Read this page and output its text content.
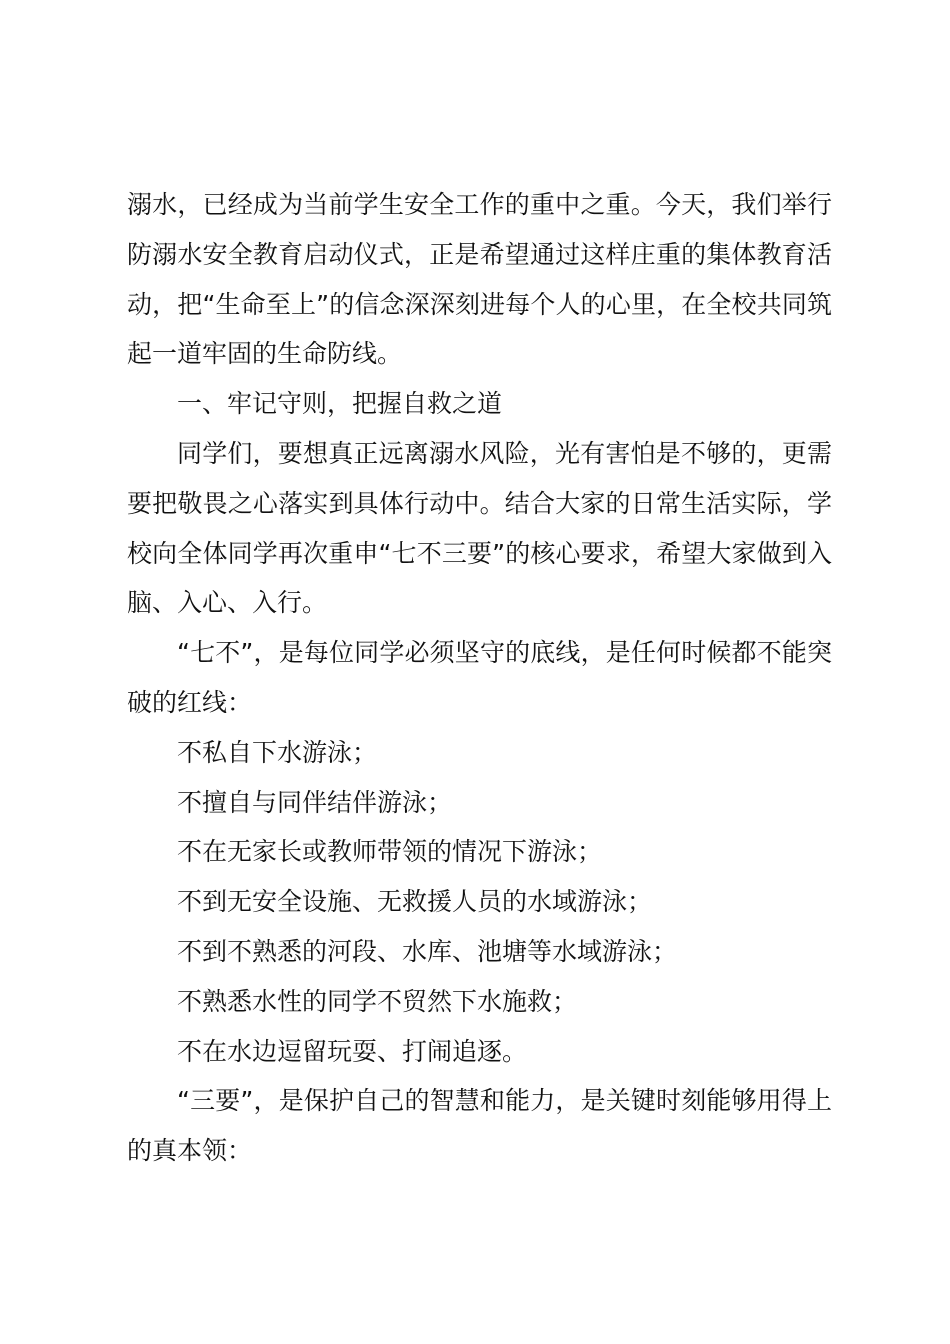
溺水，已经成为当前学生安全工作的重中之重。今天，我们举行防溺水安全教育启动仪式，正是希望通过这样庄重的集体教育活动，把“生命至上”的信念深深刻进每个人的心里，在全校共同筑起一道牢固的生命防线。

一、牢记守则，把握自救之道

同学们，要想真正远离溺水风险，光有害怕是不够的，更需要把敬畏之心落实到具体行动中。结合大家的日常生活实际，学校向全体同学再次重申“七不三要”的核心要求，希望大家做到入脑、入心、入行。

“七不”，是每位同学必须坚守的底线，是任何时候都不能突破的红线：

不私自下水游泳；

不擅自与同伴结伴游泳；

不在无家长或教师带领的情况下游泳；

不到无安全设施、无救援人员的水域游泳；

不到不熟悉的河段、水库、池塘等水域游泳；

不熟悉水性的同学不贸然下水施救；

不在水边逗留玩耍、打闹追逐。

“三要”，是保护自己的智慧和能力，是关键时刻能够用得上的真本领：
